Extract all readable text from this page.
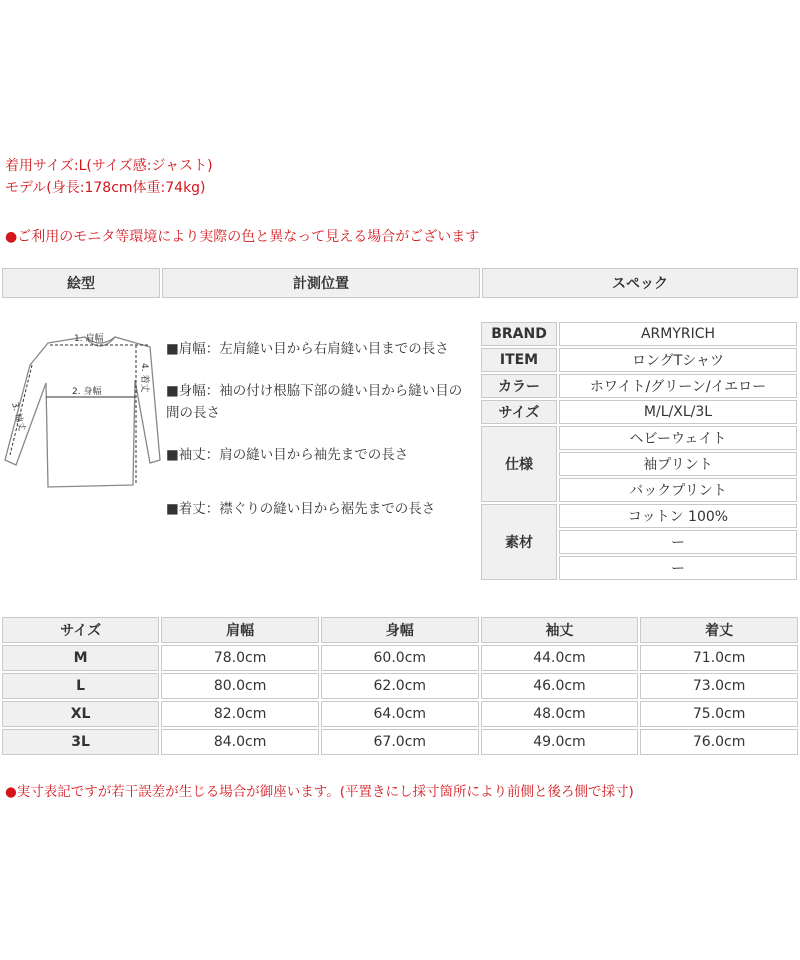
着用サイズ:L(サイズ感:ジャスト)
モデル(身長:178cm体重:74kg)
●ご利用のモニタ等環境により実際の色と異なって見える場合がございます
絵型	計測位置	スペック
1. 肩幅
2. 身幅
3. 袖丈
4. 着丈
■肩幅：左肩縫い目から右肩縫い目までの長さ
■身幅：袖の付け根脇下部の縫い目から縫い目の間の長さ
■袖丈：肩の縫い目から袖先までの長さ
■着丈：襟ぐりの縫い目から裾先までの長さ
BRAND	ARMYRICH
ITEM	ロングTシャツ
カラー	ホワイト/グリーン/イエロー
サイズ	M/L/XL/3L
仕様	ヘビーウェイト
	袖プリント
	バックプリント
素材	コットン 100%
	ー
	ー
サイズ	肩幅	身幅	袖丈	着丈
M	78.0cm	60.0cm	44.0cm	71.0cm
L	80.0cm	62.0cm	46.0cm	73.0cm
XL	82.0cm	64.0cm	48.0cm	75.0cm
3L	84.0cm	67.0cm	49.0cm	76.0cm
●実寸表記ですが若干誤差が生じる場合が御座います。(平置きにし採寸箇所により前側と後ろ側で採寸)
